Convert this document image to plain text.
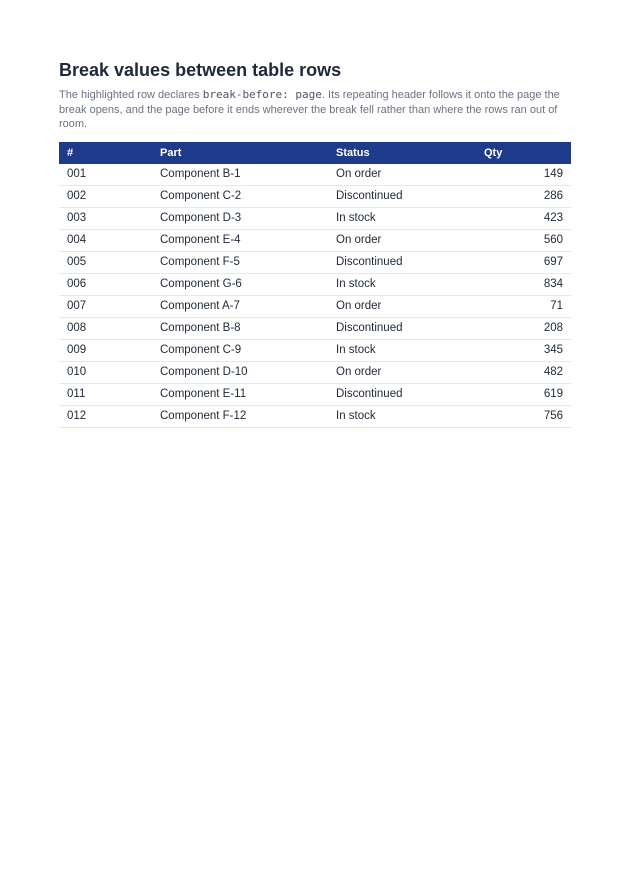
Break values between table rows

The highlighted row declares break-before: page. Its repeating header follows it onto the page the break opens, and the page before it ends wherever the break fell rather than where the rows ran out of room.

#	Part	Status	Qty
001	Component B-1	On order	149
002	Component C-2	Discontinued	286
003	Component D-3	In stock	423
004	Component E-4	On order	560
005	Component F-5	Discontinued	697
006	Component G-6	In stock	834
007	Component A-7	On order	71
008	Component B-8	Discontinued	208
009	Component C-9	In stock	345
010	Component D-10	On order	482
011	Component E-11	Discontinued	619
012	Component F-12	In stock	756
